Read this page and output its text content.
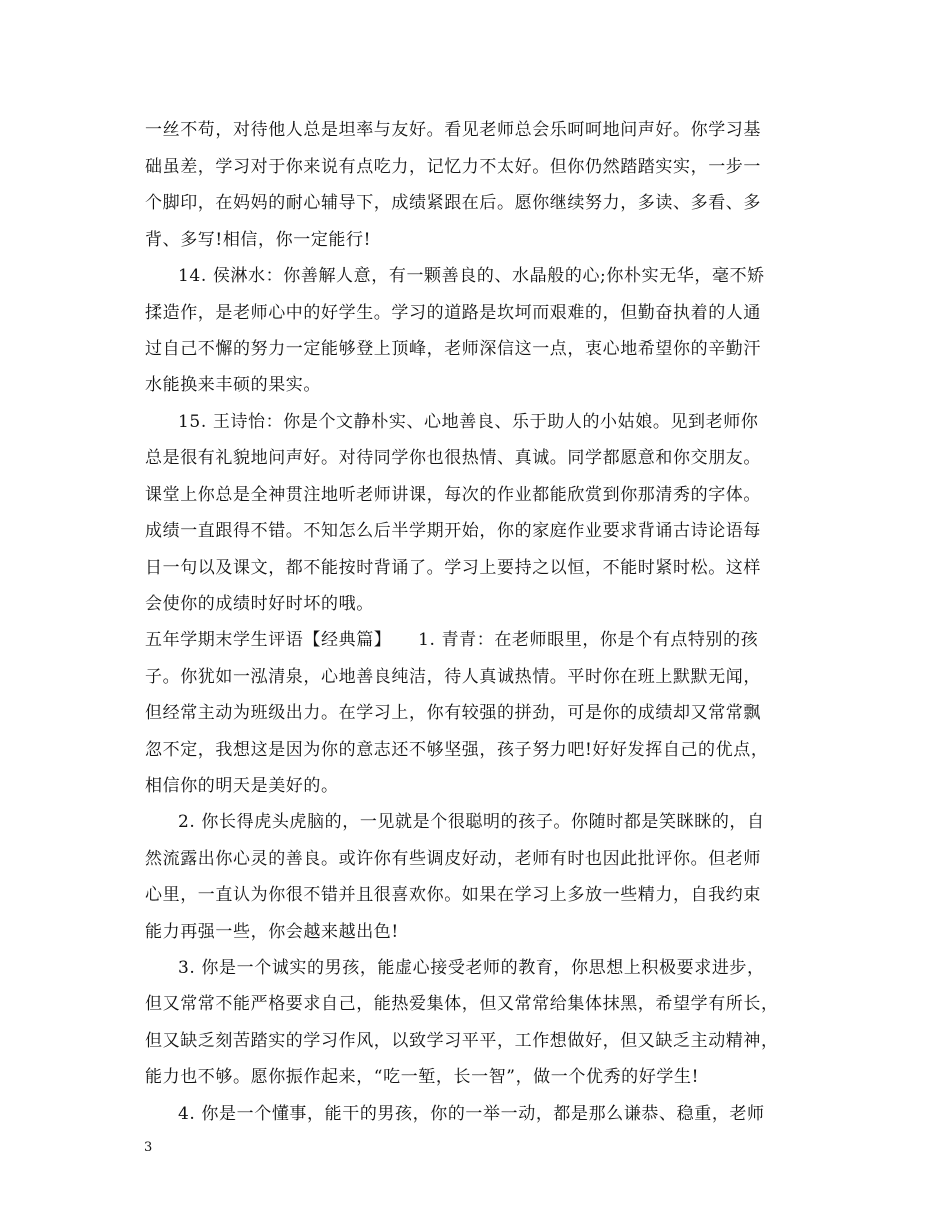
一丝不苟，对待他人总是坦率与友好。看见老师总会乐呵呵地问声好。你学习基
础虽差，学习对于你来说有点吃力，记忆力不太好。但你仍然踏踏实实，一步一
个脚印，在妈妈的耐心辅导下，成绩紧跟在后。愿你继续努力，多读、多看、多
背、多写!相信，你一定能行!
14. 侯淋水：你善解人意，有一颗善良的、水晶般的心;你朴实无华，毫不矫
揉造作，是老师心中的好学生。学习的道路是坎坷而艰难的，但勤奋执着的人通
过自己不懈的努力一定能够登上顶峰，老师深信这一点，衷心地希望你的辛勤汗
水能换来丰硕的果实。
15. 王诗怡：你是个文静朴实、心地善良、乐于助人的小姑娘。见到老师你
总是很有礼貌地问声好。对待同学你也很热情、真诚。同学都愿意和你交朋友。
课堂上你总是全神贯注地听老师讲课，每次的作业都能欣赏到你那清秀的字体。
成绩一直跟得不错。不知怎么后半学期开始，你的家庭作业要求背诵古诗论语每
日一句以及课文，都不能按时背诵了。学习上要持之以恒，不能时紧时松。这样
会使你的成绩时好时坏的哦。
五年学期末学生评语【经典篇】　　1. 青青：在老师眼里，你是个有点特别的孩
子。你犹如一泓清泉，心地善良纯洁，待人真诚热情。平时你在班上默默无闻，
但经常主动为班级出力。在学习上，你有较强的拼劲，可是你的成绩却又常常飘
忽不定，我想这是因为你的意志还不够坚强，孩子努力吧!好好发挥自己的优点，
相信你的明天是美好的。
2. 你长得虎头虎脑的，一见就是个很聪明的孩子。你随时都是笑眯眯的，自
然流露出你心灵的善良。或许你有些调皮好动，老师有时也因此批评你。但老师
心里，一直认为你很不错并且很喜欢你。如果在学习上多放一些精力，自我约束
能力再强一些，你会越来越出色!
3. 你是一个诚实的男孩，能虚心接受老师的教育，你思想上积极要求进步，
但又常常不能严格要求自己，能热爱集体，但又常常给集体抹黑，希望学有所长，
但又缺乏刻苦踏实的学习作风，以致学习平平，工作想做好，但又缺乏主动精神，
能力也不够。愿你振作起来，“吃一堑，长一智”，做一个优秀的好学生!
4. 你是一个懂事，能干的男孩，你的一举一动，都是那么谦恭、稳重，老师
3
